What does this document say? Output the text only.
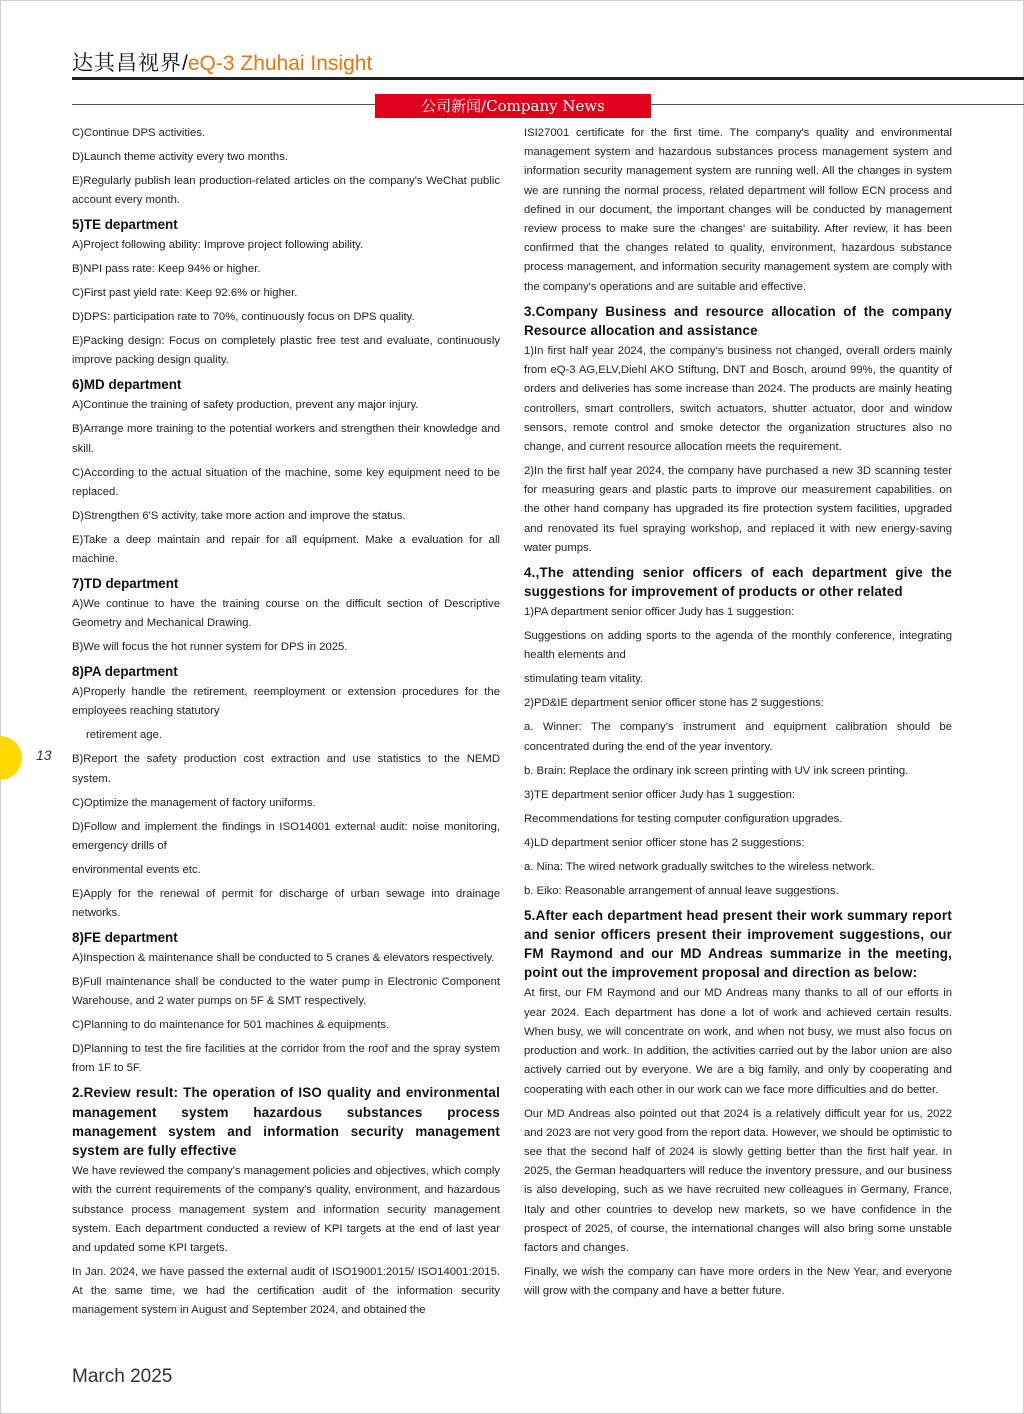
达其昌视界/eQ-3 Zhuhai Insight
公司新闻/Company News
13

C)Continue DPS activities.

D)Launch theme activity every two months.

E)Regularly publish lean production-related articles on the company's WeChat public account every month.

5)TE department

A)Project following ability: Improve project following ability.

B)NPI pass rate: Keep 94% or higher.

C)First past yield rate: Keep 92.6% or higher.

D)DPS: participation rate to 70%, continuously focus on DPS quality.

E)Packing design: Focus on completely plastic free test and evaluate, continuously improve packing design quality.

6)MD department

A)Continue the training of safety production, prevent any major injury.

B)Arrange more training to the potential workers and strengthen their knowledge and skill.

C)According to the actual situation of the machine, some key equipment need to be replaced.

D)Strengthen 6'S activity, take more action and improve the status.

E)Take a deep maintain and repair for all equipment. Make a evaluation for all machine.

7)TD department

A)We continue to have the training course on the difficult section of Descriptive Geometry and Mechanical Drawing.

B)We will focus the hot runner system for DPS in 2025.

8)PA department

A)Properly handle the retirement, reemployment or extension procedures for the employees reaching statutory

retirement age.

B)Report the safety production cost extraction and use statistics to the NEMD system.

C)Optimize the management of factory uniforms.

D)Follow and implement the findings in ISO14001 external audit: noise monitoring, emergency drills of

environmental events etc.

E)Apply for the renewal of permit for discharge of urban sewage into drainage networks.

8)FE department

A)Inspection & maintenance shall be conducted to 5 cranes & elevators respectively.

B)Full maintenance shall be conducted to the water pump in Electronic Component Warehouse, and 2 water pumps on 5F & SMT respectively.

C)Planning to do maintenance for 501 machines & equipments.

D)Planning to test the fire facilities at the corridor from the roof and the spray system from 1F to 5F.

2.Review result: The operation of ISO quality and environmental management system hazardous substances process management system and information security management system are fully effective

We have reviewed the company's management policies and objectives, which comply with the current requirements of the company's quality, environment, and hazardous substance process management system and information security management system. Each department conducted a review of KPI targets at the end of last year and updated some KPI targets.

In Jan. 2024, we have passed the external audit of ISO19001:2015/ ISO14001:2015. At the same time, we had the certification audit of the information security management system in August and September 2024, and obtained the

ISI27001 certificate for the first time. The company's quality and environmental management system and hazardous substances process management system and information security management system are running well. All the changes in system we are running the normal process, related department will follow ECN process and defined in our document, the important changes will be conducted by management review process to make sure the changes' are suitability. After review, it has been confirmed that the changes related to quality, environment, hazardous substance process management, and information security management system are comply with the company's operations and are suitable and effective.

3.Company Business and resource allocation of the company Resource allocation and assistance

1)In first half year 2024, the company's business not changed, overall orders mainly from eQ-3 AG,ELV,Diehl AKO Stiftung, DNT and Bosch, around 99%, the quantity of orders and deliveries has some increase than 2024. The products are mainly heating controllers, smart controllers, switch actuators, shutter actuator, door and window sensors, remote control and smoke detector the organization structures also no change, and current resource allocation meets the requirement.

2)In the first half year 2024, the company have purchased a new 3D scanning tester for measuring gears and plastic parts to improve our measurement capabilities. on the other hand company has upgraded its fire protection system facilities, upgraded and renovated its fuel spraying workshop, and replaced it with new energy-saving water pumps.

4.,The attending senior officers of each department give the suggestions for improvement of products or other related

1)PA department senior officer Judy has 1 suggestion:

Suggestions on adding sports to the agenda of the monthly conference, integrating health elements and

stimulating team vitality.

2)PD&IE department senior officer stone has 2 suggestions:

a. Winner: The company's instrument and equipment calibration should be concentrated during the end of the year inventory.

b. Brain: Replace the ordinary ink screen printing with UV ink screen printing.

3)TE department senior officer Judy has 1 suggestion:

Recommendations for testing computer configuration upgrades.

4)LD department senior officer stone has 2 suggestions:

a. Nina: The wired network gradually switches to the wireless network.

b. Eiko: Reasonable arrangement of annual leave suggestions.

5.After each department head present their work summary report and senior officers present their improvement suggestions, our FM Raymond and our MD Andreas summarize in the meeting, point out the improvement proposal and direction as below:

At first, our FM Raymond and our MD Andreas many thanks to all of our efforts in year 2024. Each department has done a lot of work and achieved certain results. When busy, we will concentrate on work, and when not busy, we must also focus on production and work. In addition, the activities carried out by the labor union are also actively carried out by everyone. We are a big family, and only by cooperating and cooperating with each other in our work can we face more difficulties and do better.

Our MD Andreas also pointed out that 2024 is a relatively difficult year for us, 2022 and 2023 are not very good from the report data. However, we should be optimistic to see that the second half of 2024 is slowly getting better than the first half year. In 2025, the German headquarters will reduce the inventory pressure, and our business is also developing, such as we have recruited new colleagues in Germany, France, Italy and other countries to develop new markets, so we have confidence in the prospect of 2025, of course, the international changes will also bring some unstable factors and changes.

Finally, we wish the company can have more orders in the New Year, and everyone will grow with the company and have a better future.

March 2025
